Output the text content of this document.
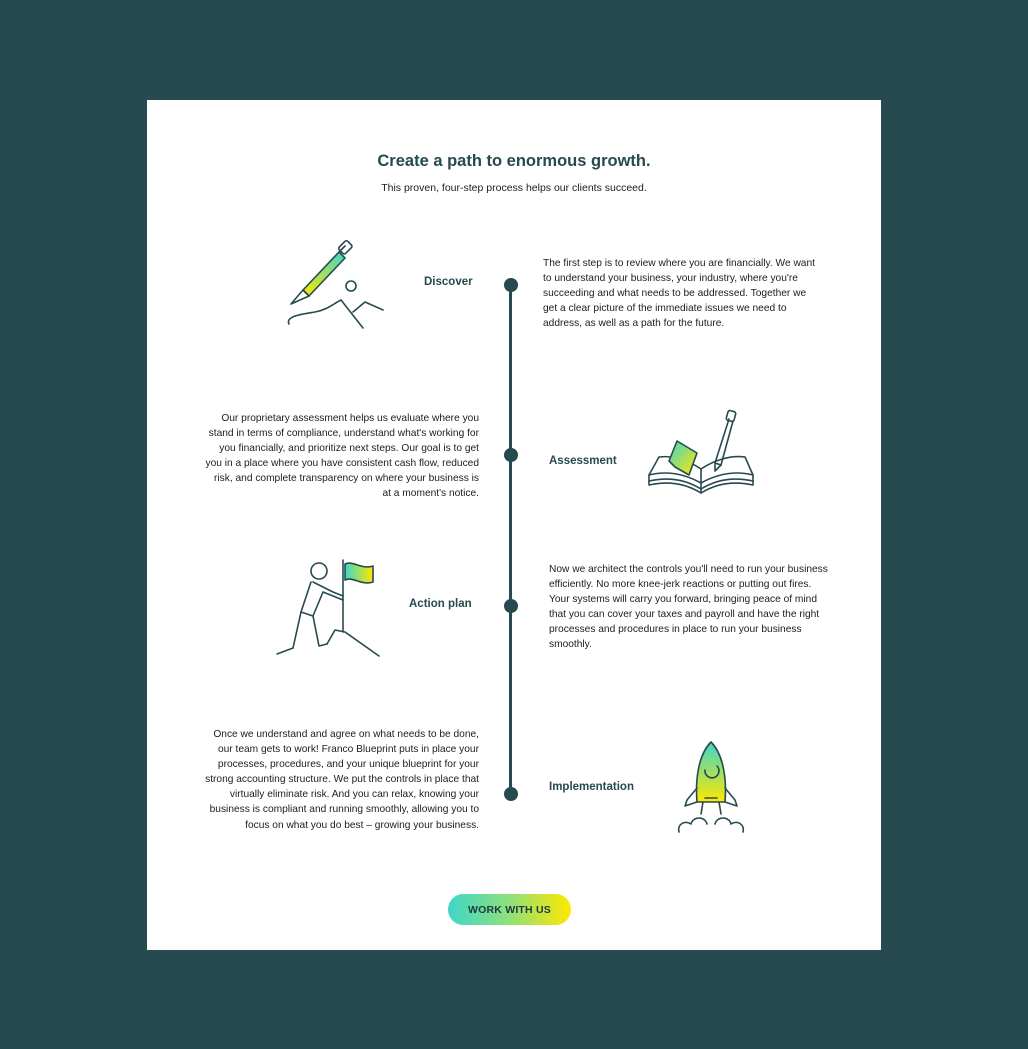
Create a path to enormous growth.

This proven, four-step process helps our clients succeed.

Discover

The first step is to review where you are financially. We want to understand your business, your industry, where you're succeeding and what needs to be addressed. Together we get a clear picture of the immediate issues we need to address, as well as a path for the future.

Our proprietary assessment helps us evaluate where you stand in terms of compliance, understand what's working for you financially, and prioritize next steps. Our goal is to get you in a place where you have consistent cash flow, reduced risk, and complete transparency on where your business is at a moment's notice.

Assessment
Action plan

Now we architect the controls you'll need to run your business efficiently. No more knee-jerk reactions or putting out fires. Your systems will carry you forward, bringing peace of mind that you can cover your taxes and payroll and have the right processes and procedures in place to run your business smoothly.

Once we understand and agree on what needs to be done, our team gets to work! Franco Blueprint puts in place your processes, procedures, and your unique blueprint for your strong accounting structure. We put the controls in place that virtually eliminate risk. And you can relax, knowing your business is compliant and running smoothly, allowing you to focus on what you do best – growing your business.

Implementation
WORK WITH US
